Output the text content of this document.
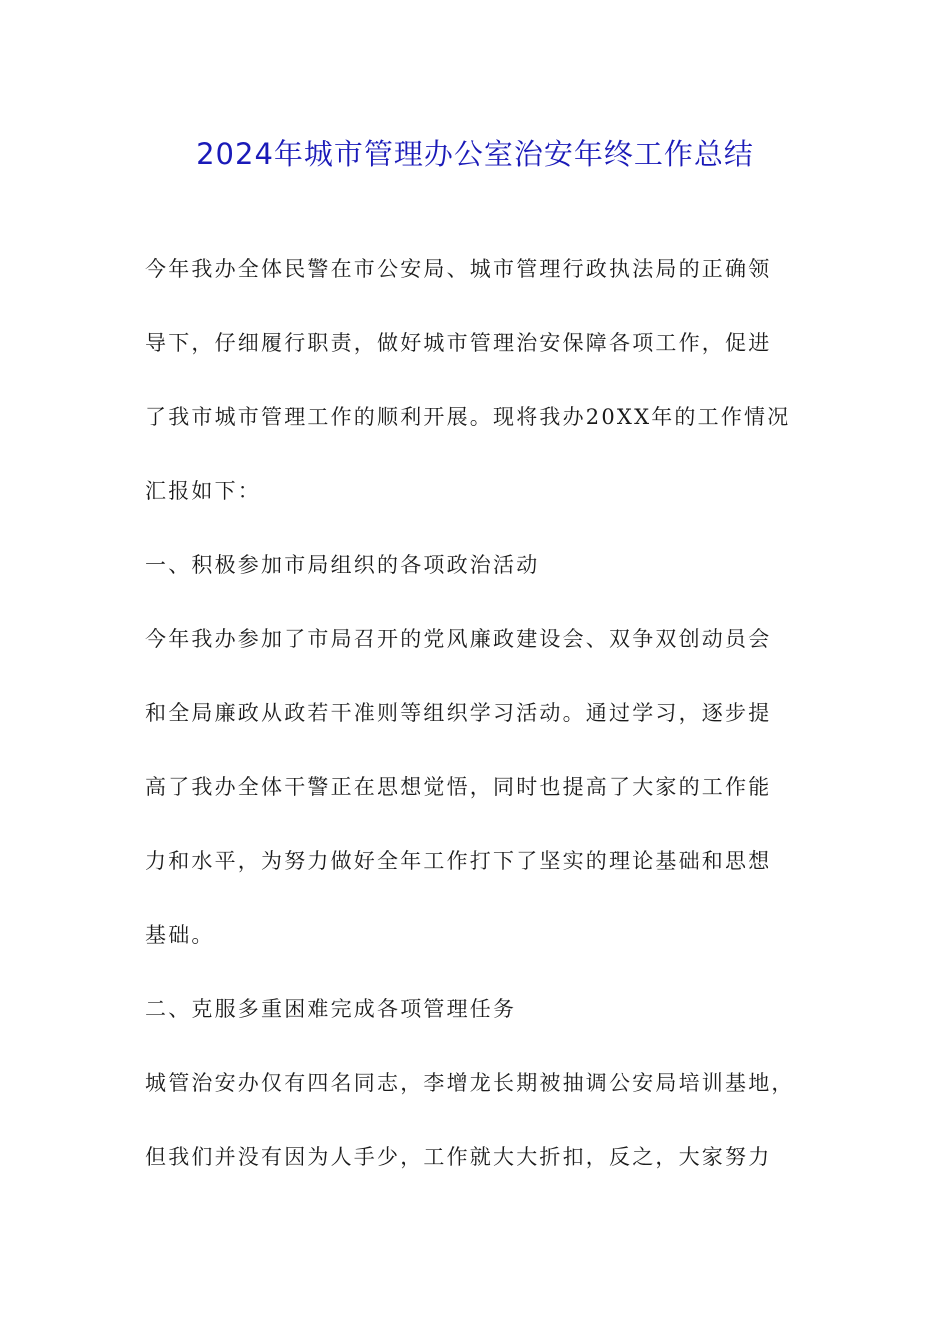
2024年城市管理办公室治安年终工作总结
今年我办全体民警在市公安局、城市管理行政执法局的正确领
导下，仔细履行职责，做好城市管理治安保障各项工作，促进
了我市城市管理工作的顺利开展。现将我办20XX年的工作情况
汇报如下：
一、积极参加市局组织的各项政治活动
今年我办参加了市局召开的党风廉政建设会、双争双创动员会
和全局廉政从政若干准则等组织学习活动。通过学习，逐步提
高了我办全体干警正在思想觉悟，同时也提高了大家的工作能
力和水平，为努力做好全年工作打下了坚实的理论基础和思想
基础。
二、克服多重困难完成各项管理任务
城管治安办仅有四名同志，李增龙长期被抽调公安局培训基地，
但我们并没有因为人手少，工作就大大折扣，反之，大家努力
